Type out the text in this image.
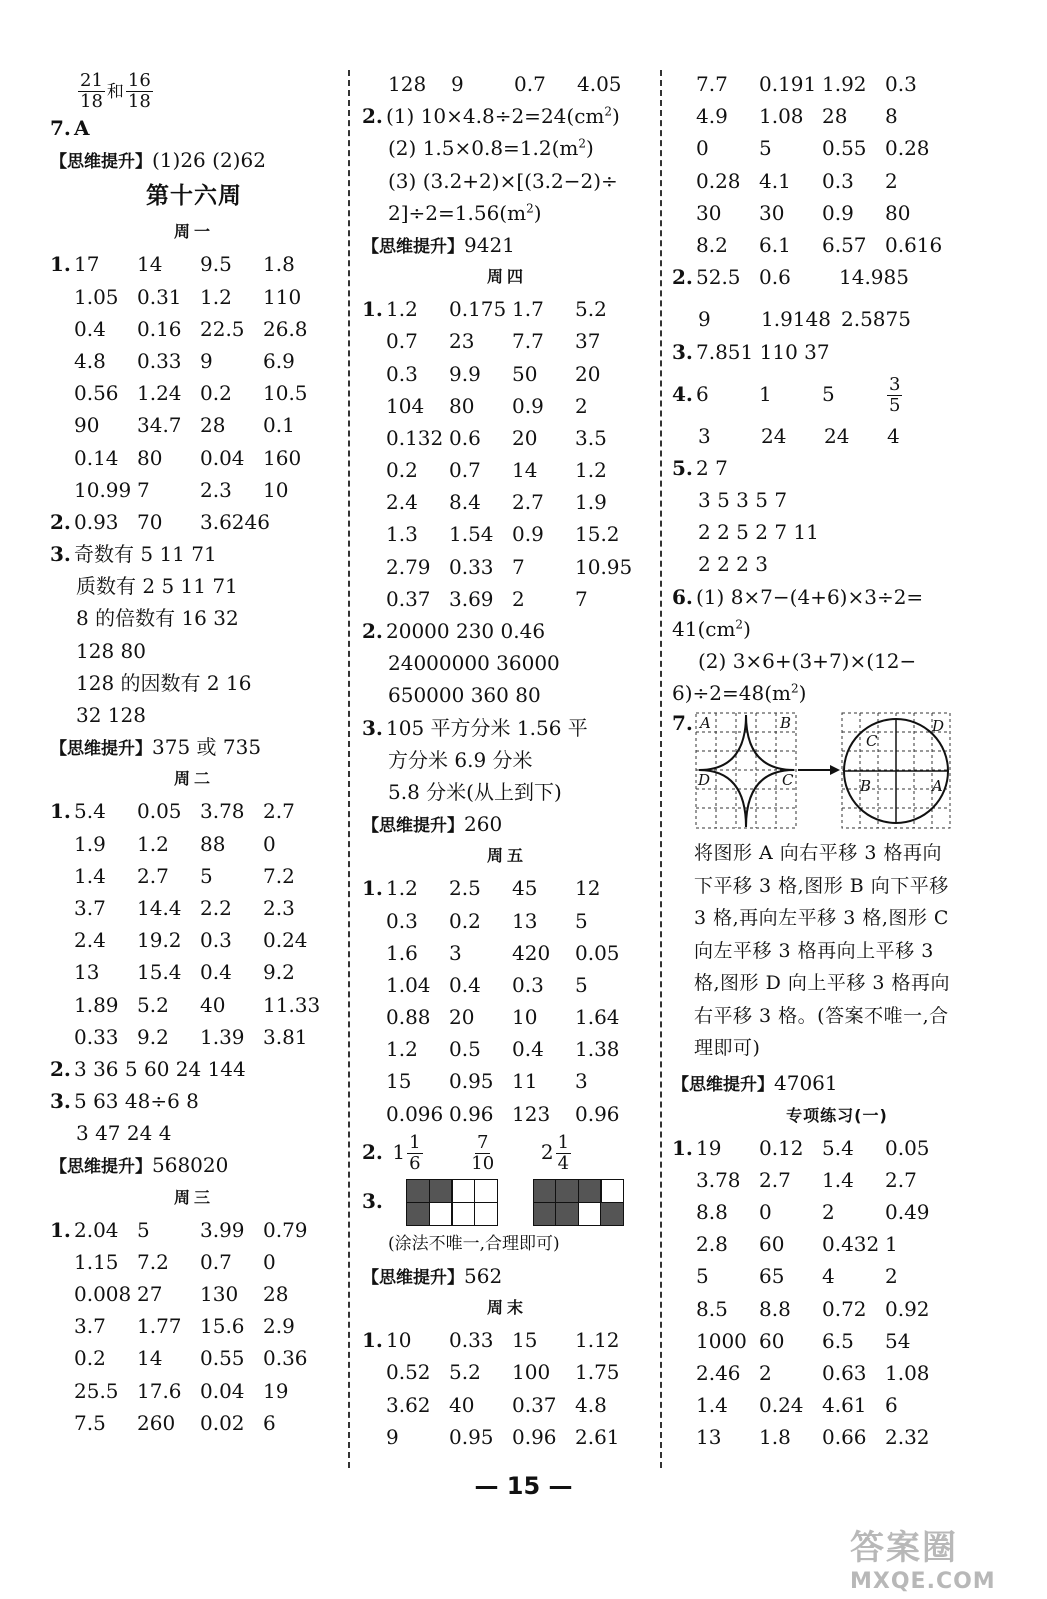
$\frac{21}{18}$ 和 $\frac{16}{18}$
7. A
【思维提升】(1)26 (2)62
第十六周
周一
1. 17	14	9.5	1.8
1.05 0.31 1.2	110
0.4	0.16 22.5 26.8
4.8	0.33 9	6.9
0.56 1.24 0.2	10.5
90	34.7 28	0.1
0.14 80	0.04 160
10.99 7	2.3	10
2. 0.93 70	3.6246
3. 奇数有 5 11 71
质数有 2 5 11 71
8 的倍数有 16 32
128 80
128 的因数有 2 16
32 128
【思维提升】375 或 735
周二
1. 5.4	0.05 3.78 2.7
1.9	1.2	88	0
1.4	2.7	5	7.2
3.7	14.4 2.2	2.3
2.4	19.2 0.3	0.24
13	15.4 0.4	9.2
1.89 5.2	40	11.33
0.33 9.2	1.39 3.81
2. 3 36 5 60 24 144
3. 5 63 48÷6 8
3 47 24 4
【思维提升】568020
周三
1. 2.04 5	3.99 0.79
1.15 7.2	0.7	0
0.008 27	130	28
3.7	1.77 15.6 2.9
0.2	14	0.55 0.36
25.5 17.6 0.04 19
7.5	260	0.02 6
128	9	0.7	4.05
2. (1) $10\times 4.8\div 2=24(cm^2)$
(2) $1.5\times 0.8=1.2(m^2)$
(3) (3.2+2)×[(3.2−2)÷
$2]\div 2=1.56(m^2)$
【思维提升】9421
周四
1. 1.2	0.175 1.7	5.2
0.7	23	7.7	37
0.3	9.9	50	20
104	80	0.9	2
0.132 0.6	20	3.5
0.2	0.7	14	1.2
2.4	8.4	2.7	1.9
1.3	1.54 0.9	15.2
2.79 0.33 7	10.95
0.37 3.69 2	7
2. 20000 230 0.46
24000000 36000
650000 360 80
3. 105 平方分米 1.56 平
方分米 6.9 分米
5.8 分米(从上到下)
【思维提升】260
周五
1. 1.2	2.5	45	12
0.3	0.2	13	5
1.6	3	420	0.05
1.04 0.4	0.3	5
0.88 20	10	1.64
1.2	0.5	0.4	1.38
15	0.95 11	3
0.096 0.96 123	0.96
2. $1 \frac{1}{6}$
	$\frac{7}{10} 2 \frac{1}{4}$
3.

(涂法不唯一,合理即可)
【思维提升】562
周末
1. 10	0.33 15	1.12
0.52 5.2	100	1.75
3.62 40	0.37 4.8
9	0.95 0.96 2.61
7.7	0.191 1.92 0.3
4.9	1.08 28	8
0	5	0.55 0.28
0.28 4.1	0.3	2
30	30	0.9	80
8.2	6.1	6.57 0.616
2. 52.5 0.6	14.985
9	1.9148 2.5875
3. 7.851 110 37
4. 6	1	5	$\frac{3}{5}$
3	24	24	4
5. 2 7
3 5 3 5 7
2 2 5 2 7 11
2 2 2 3
6. (1) 8×7−(4+6)×3÷2=
$41(cm^2)$
(2) 3×6+(3+7)×(12−
$6)\div 2=48(m^2)$
7. A	B
D	C
C
D
B	A
将图形 A 向右平移 3 格再向下平移 3 格,图形 B 向下平移 3 格,再向左平移 3 格,图形 C 向左平移 3 格再向上平移 3 格,图形 D 向上平移 3 格再向右平移 3 格。(答案不唯一,合理即可)
【思维提升】47061
专项练习(一)
1. 19	0.12 5.4	0.05
3.78 2.7	1.4	2.7
8.8	0	2	0.49
2.8	60	0.432 1
5	65	4	2
8.5	8.8	0.72 0.92
1000 60	6.5	54
2.46 2	0.63 1.08
1.4	0.24 4.61 6
13	1.8	0.66 2.32
— 15 —
答案圈
MXQE.COM
